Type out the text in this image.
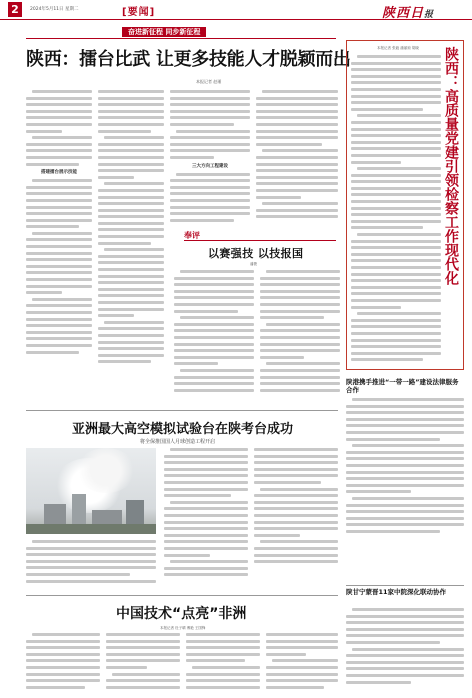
2	2024年5月11日 星期二	[要闻]	陕西日报
奋进新征程 同步新征程
陕西：擂台比武 让更多技能人才脱颖而出
本报记者 赵瑾
搭建擂台展示技能
三大方向工程建设	陕西：高质量党建引领检察工作现代化
本报记者 张毅 潘丽琼 胡晓
奉评
以赛强技 以技报国
潘捷
亚洲最大高空模拟试验台在陕考台成功
将全保推国国人月球创造工程开启
中国技术“点亮”非洲
本报记者 杜子晴 傅艳 王国锋
陕港携手推进“一带一路”建设法律服务合作
陕甘宁蒙晋11家中院深化联动协作
